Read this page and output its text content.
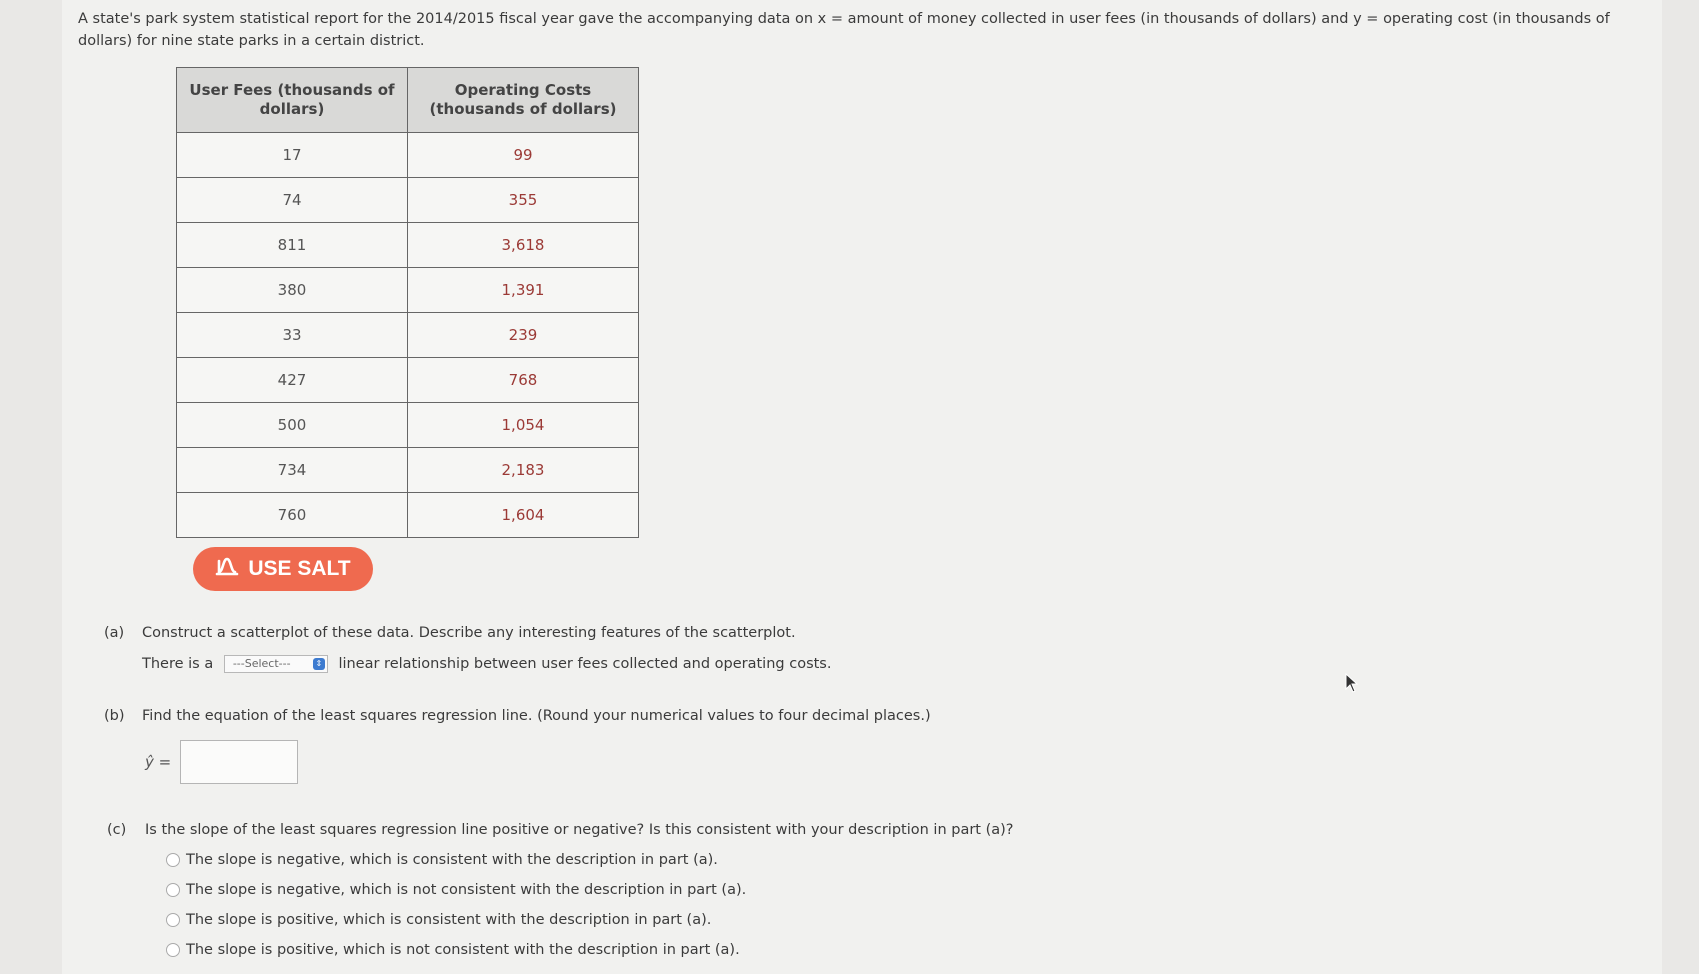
A state's park system statistical report for the 2014/2015 fiscal year gave the accompanying data on x = amount of money collected in user fees (in thousands of dollars) and y = operating cost (in thousands of dollars) for nine state parks in a certain district.
User Fees (thousands of dollars)	Operating Costs (thousands of dollars)
17	99
74	355
811	3,618
380	1,391
33	239
427	768
500	1,054
734	2,183
760	1,604
USE SALT
(a) Construct a scatterplot of these data. Describe any interesting features of the scatterplot.
There is a ---Select---	⇕ linear relationship between user fees collected and operating costs.
(b) Find the equation of the least squares regression line. (Round your numerical values to four decimal places.)
ŷ =
(c) Is the slope of the least squares regression line positive or negative? Is this consistent with your description in part (a)?
The slope is negative, which is consistent with the description in part (a).
The slope is negative, which is not consistent with the description in part (a).
The slope is positive, which is consistent with the description in part (a).
The slope is positive, which is not consistent with the description in part (a).
